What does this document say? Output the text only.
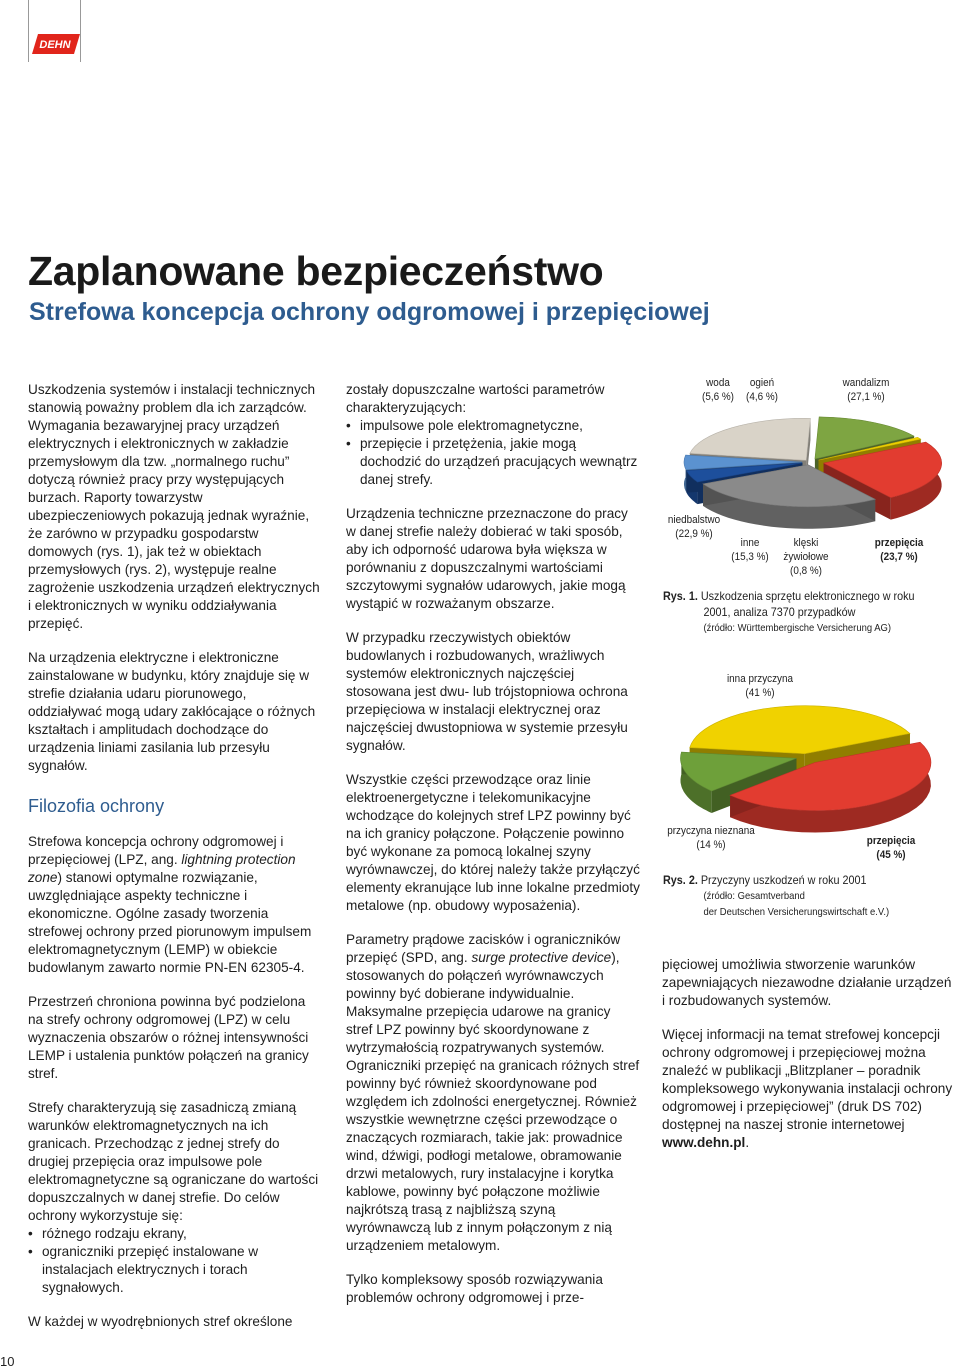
DEHN
Zaplanowane bezpieczeństwo
Strefowa koncepcja ochrony odgromowej i przepięciowej

Uszkodzenia systemów i instalacji technicznych stanowią poważny problem dla ich zarządców. Wymagania bezawaryjnej pracy urządzeń elektrycznych i elektronicznych w zakładzie przemysłowym dla tzw. „normalnego ruchu” dotyczą również pracy przy występujących burzach. Raporty towarzystw ubezpieczeniowych pokazują jednak wyraźnie, że zarówno w przypadku gospodarstw domowych (rys. 1), jak też w obiektach przemysłowych (rys. 2), występuje realne zagrożenie uszkodzenia urządzeń elektrycznych i elektronicznych w wyniku oddziaływania przepięć.

Na urządzenia elektryczne i elektroniczne zainstalowane w budynku, który znajduje się w strefie działania udaru piorunowego, oddziaływać mogą udary zakłócające o różnych kształtach i amplitudach dochodzące do urządzenia liniami zasilania lub przesyłu sygnałów.

Filozofia ochrony

Strefowa koncepcja ochrony odgromowej i przepięciowej (LPZ, ang. lightning protection zone) stanowi optymalne rozwiązanie, uwzględniające aspekty techniczne i ekonomiczne. Ogólne zasady tworzenia strefowej ochrony przed piorunowym impulsem elektromagnetycznym (LEMP) w obiekcie budowlanym zawarto normie PN-EN 62305-4.

Przestrzeń chroniona powinna być podzielona na strefy ochrony odgromowej (LPZ) w celu wyznaczenia obszarów o różnej intensywności LEMP i ustalenia punktów połączeń na granicy stref.

Strefy charakteryzują się zasadniczą zmianą warunków elektromagnetycznych na ich granicach. Przechodząc z jednej strefy do drugiej przepięcia oraz impulsowe pole elektromagnetyczne są ograniczane do wartości dopuszczalnych w danej strefie. Do celów ochrony wykorzystuje się:

• różnego rodzaju ekrany,
• ograniczniki przepięć instalowane w instalacjach elektrycznych i torach sygnałowych.

W każdej w wyodrębnionych stref określone

zostały dopuszczalne wartości parametrów charakteryzujących:

• impulsowe pole elektromagnetyczne,
• przepięcie i przetężenia, jakie mogą dochodzić do urządzeń pracujących wewnątrz danej strefy.

Urządzenia techniczne przeznaczone do pracy w danej strefie należy dobierać w taki sposób, aby ich odporność udarowa była większa w porównaniu z dopuszczalnymi wartościami szczytowymi sygnałów udarowych, jakie mogą wystąpić w rozważanym obszarze.

W przypadku rzeczywistych obiektów budowlanych i rozbudowanych, wrażliwych systemów elektronicznych najczęściej stosowana jest dwu- lub trójstopniowa ochrona przepięciowa w instalacji elektrycznej oraz najczęściej dwustopniowa w systemie przesyłu sygnałów.

Wszystkie części przewodzące oraz linie elektroenergetyczne i telekomunikacyjne wchodzące do kolejnych stref LPZ powinny być na ich granicy połączone. Połączenie powinno być wykonane za pomocą lokalnej szyny wyrównawczej, do której należy także przyłączyć elementy ekranujące lub inne lokalne przedmioty metalowe (np. obudowy wyposażenia).

Parametry prądowe zacisków i ograniczników przepięć (SPD, ang. surge protective device), stosowanych do połączeń wyrównawczych powinny być dobierane indywidualnie. Maksymalne przepięcia udarowe na granicy stref LPZ powinny być skoordynowane z wytrzymałością rozpatrywanych systemów. Ograniczniki przepięć na granicach różnych stref powinny być również skoordynowane pod względem ich zdolności energetycznej. Również wszystkie wewnętrzne części przewodzące o znaczących rozmiarach, takie jak: prowadnice wind, dźwigi, podłogi metalowe, obramowanie drzwi metalowych, rury instalacyjne i korytka kablowe, powinny być połączone możliwie najkrótszą trasą z najbliższą szyną wyrównawczą lub z innym połączonym z nią urządzeniem metalowym.

Tylko kompleksowy sposób rozwiązywania problemów ochrony odgromowej i prze-

pięciowej umożliwia stworzenie warunków zapewniających niezawodne działanie urządzeń i rozbudowanych systemów.

Więcej informacji na temat strefowej koncepcji ochrony odgromowej i przepięciowej można znaleźć w publikacji „Blitzplaner – poradnik kompleksowego wykonywania instalacji ochrony odgromowej i przepięciowej” (druk DS 702) dostępnej na naszej stronie internetowej www.dehn.pl.

woda
(5,6 %)
ogień
(4,6 %)
wandalizm
(27,1 %)
niedbalstwo
(22,9 %)
inne
(15,3 %)
klęski
żywiołowe
(0,8 %)
przepięcia
(23,7 %)
Rys. 1. Uszkodzenia sprzętu elektronicznego w roku
2001, analiza 7370 przypadków
(źródło: Württembergische Versicherung AG)
inna przyczyna
(41 %)
przyczyna nieznana
(14 %)	przepięcia
(45 %)
Rys. 2. Przyczyny uszkodzeń w roku 2001
(źródło: Gesamtverband
der Deutschen Versicherungswirtschaft e.V.)
10
